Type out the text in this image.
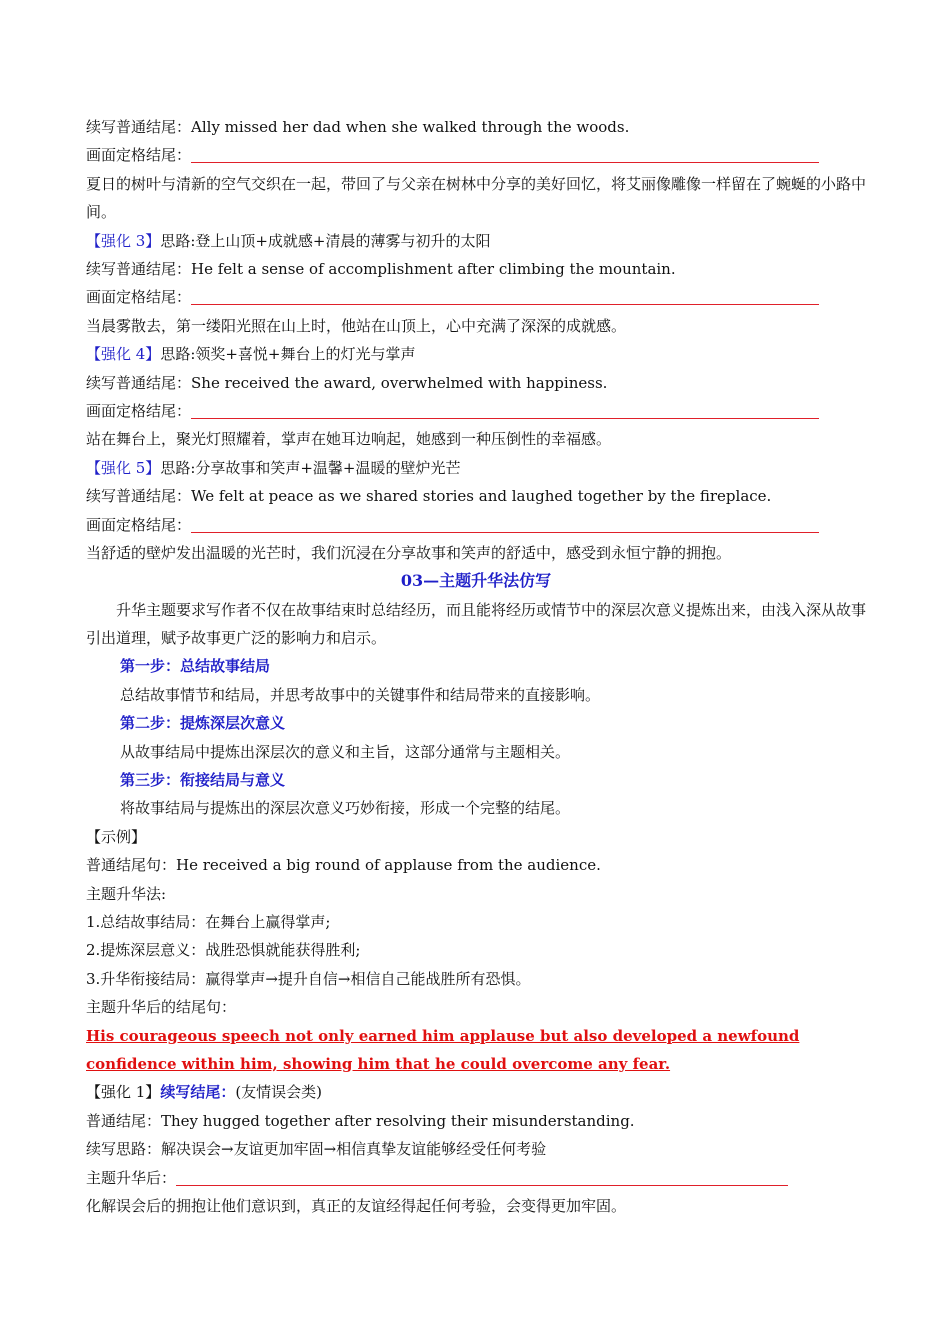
续写普通结尾：Ally missed her dad when she walked through the woods.
画面定格结尾：
夏日的树叶与清新的空气交织在一起，带回了与父亲在树林中分享的美好回忆，将艾丽像雕像一样留在了蜿蜒的小路中间。
【强化 3】思路:登上山顶+成就感+清晨的薄雾与初升的太阳
续写普通结尾：He felt a sense of accomplishment after climbing the mountain.
画面定格结尾：
当晨雾散去，第一缕阳光照在山上时，他站在山顶上，心中充满了深深的成就感。
【强化 4】思路:领奖+喜悦+舞台上的灯光与掌声
续写普通结尾：She received the award, overwhelmed with happiness.
画面定格结尾：
站在舞台上，聚光灯照耀着，掌声在她耳边响起，她感到一种压倒性的幸福感。
【强化 5】思路:分享故事和笑声+温馨+温暖的壁炉光芒
续写普通结尾：We felt at peace as we shared stories and laughed together by the fireplace.
画面定格结尾：
当舒适的壁炉发出温暖的光芒时，我们沉浸在分享故事和笑声的舒适中，感受到永恒宁静的拥抱。
03—主题升华法仿写
升华主题要求写作者不仅在故事结束时总结经历，而且能将经历或情节中的深层次意义提炼出来，由浅入深从故事引出道理，赋予故事更广泛的影响力和启示。
第一步：总结故事结局
总结故事情节和结局，并思考故事中的关键事件和结局带来的直接影响。
第二步：提炼深层次意义
从故事结局中提炼出深层次的意义和主旨，这部分通常与主题相关。
第三步：衔接结局与意义
将故事结局与提炼出的深层次意义巧妙衔接，形成一个完整的结尾。
【示例】
普通结尾句：He received a big round of applause from the audience.
主题升华法:
1.总结故事结局：在舞台上赢得掌声;
2.提炼深层意义：战胜恐惧就能获得胜利;
3.升华衔接结局：赢得掌声→提升自信→相信自己能战胜所有恐惧。
主题升华后的结尾句：
His courageous speech not only earned him applause but also developed a newfound confidence within him, showing him that he could overcome any fear.
【强化 1】续写结尾：(友情误会类)
普通结尾：They hugged together after resolving their misunderstanding.
续写思路：解决误会→友谊更加牢固→相信真挚友谊能够经受任何考验
主题升华后：
化解误会后的拥抱让他们意识到，真正的友谊经得起任何考验，会变得更加牢固。
